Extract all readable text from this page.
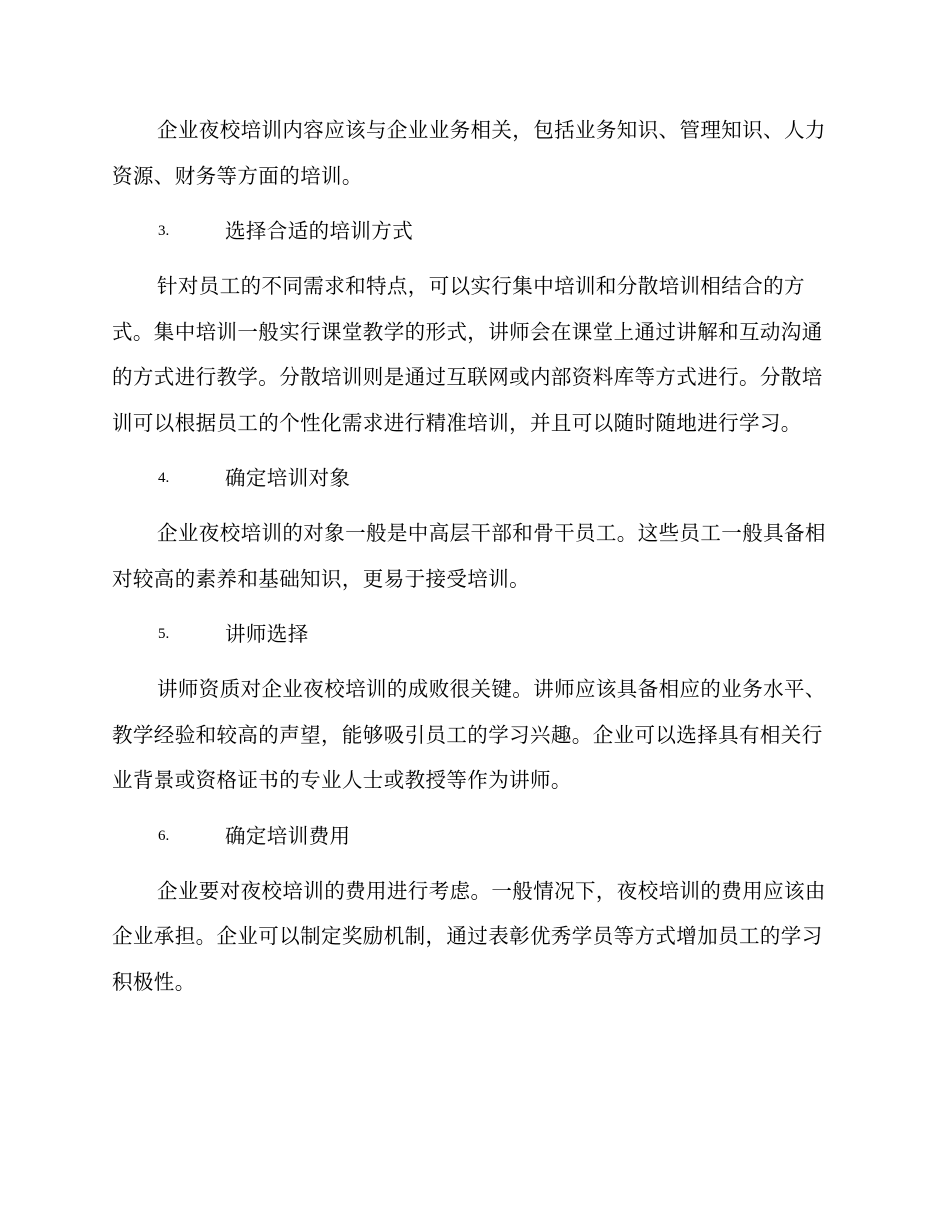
企业夜校培训内容应该与企业业务相关，包括业务知识、管理知识、人力资源、财务等方面的培训。

3.	选择合适的培训方式

针对员工的不同需求和特点，可以实行集中培训和分散培训相结合的方式。集中培训一般实行课堂教学的形式，讲师会在课堂上通过讲解和互动沟通的方式进行教学。分散培训则是通过互联网或内部资料库等方式进行。分散培训可以根据员工的个性化需求进行精准培训，并且可以随时随地进行学习。

4.	确定培训对象

企业夜校培训的对象一般是中高层干部和骨干员工。这些员工一般具备相对较高的素养和基础知识，更易于接受培训。

5.	讲师选择

讲师资质对企业夜校培训的成败很关键。讲师应该具备相应的业务水平、教学经验和较高的声望，能够吸引员工的学习兴趣。企业可以选择具有相关行业背景或资格证书的专业人士或教授等作为讲师。

6.	确定培训费用

企业要对夜校培训的费用进行考虑。一般情况下，夜校培训的费用应该由企业承担。企业可以制定奖励机制，通过表彰优秀学员等方式增加员工的学习积极性。
